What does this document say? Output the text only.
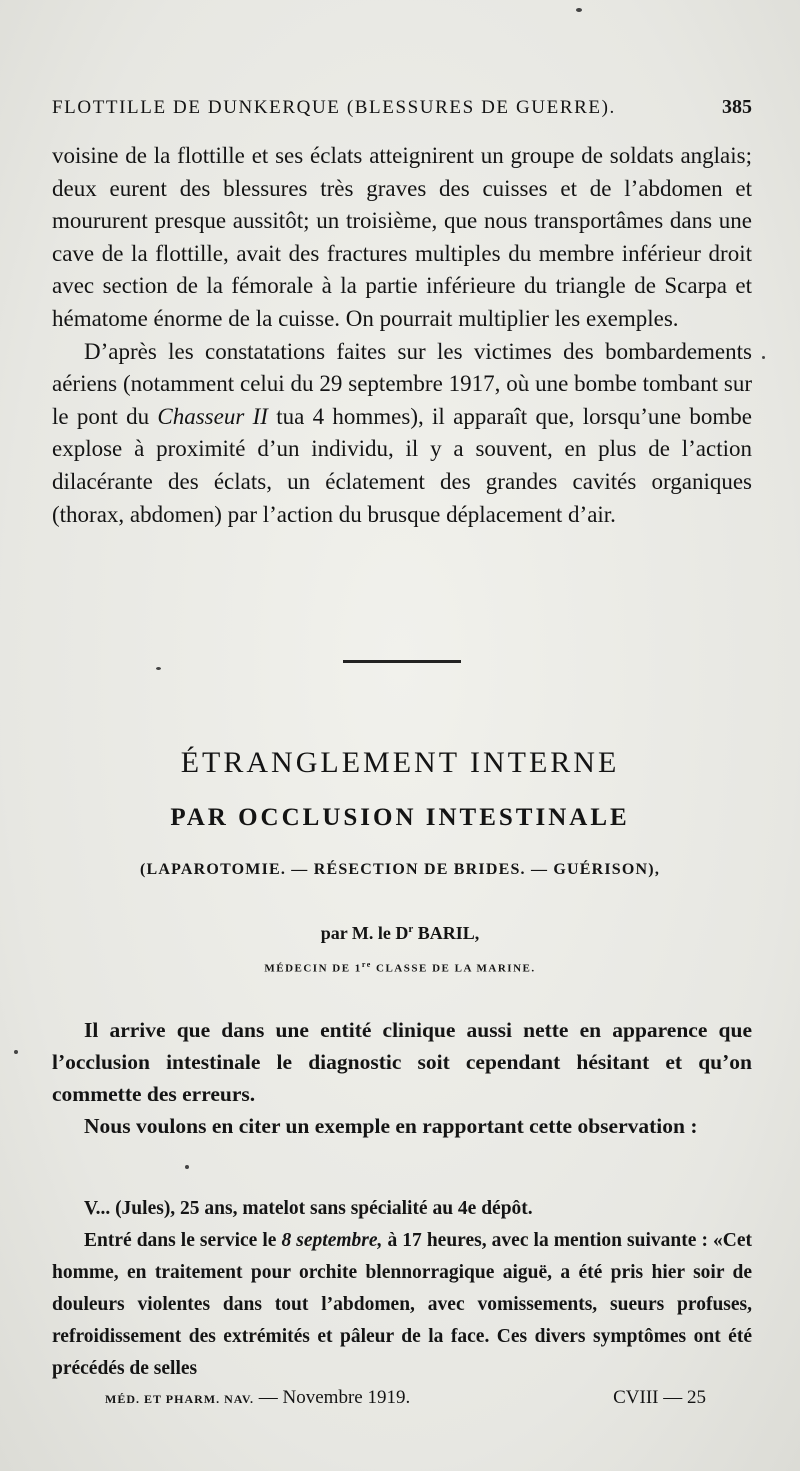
FLOTTILLE DE DUNKERQUE (BLESSURES DE GUERRE).	385

voisine de la flottille et ses éclats atteignirent un groupe de soldats anglais; deux eurent des blessures très graves des cuisses et de l’abdomen et moururent presque aussitôt; un troisième, que nous transportâmes dans une cave de la flottille, avait des fractures multiples du membre inférieur droit avec section de la fémorale à la partie inférieure du triangle de Scarpa et hématome énorme de la cuisse. On pourrait multiplier les exemples.

D’après les constatations faites sur les victimes des bombardements aériens (notamment celui du 29 septembre 1917, où une bombe tombant sur le pont du Chasseur II tua 4 hommes), il apparaît que, lorsqu’une bombe explose à proximité d’un individu, il y a souvent, en plus de l’action dilacérante des éclats, un éclatement des grandes cavités organiques (thorax, abdomen) par l’action du brusque déplacement d’air.

ÉTRANGLEMENT INTERNE
PAR OCCLUSION INTESTINALE
(LAPAROTOMIE. — RÉSECTION DE BRIDES. — GUÉRISON),
par M. le $D^r$ BARIL,
MÉDECIN DE 1re CLASSE DE LA MARINE.

Il arrive que dans une entité clinique aussi nette en apparence que l’occlusion intestinale le diagnostic soit cependant hésitant et qu’on commette des erreurs.

Nous voulons en citer un exemple en rapportant cette observation :

V... (Jules), 25 ans, matelot sans spécialité au 4e dépôt.

Entré dans le service le 8 septembre, à 17 heures, avec la mention suivante : «Cet homme, en traitement pour orchite blennorragique aiguë, a été pris hier soir de douleurs violentes dans tout l’abdomen, avec vomissements, sueurs profuses, refroidissement des extrémités et pâleur de la face. Ces divers symptômes ont été précédés de selles

MÉD. ET PHARM. NAV. — Novembre 1919.	CVIII — 25
